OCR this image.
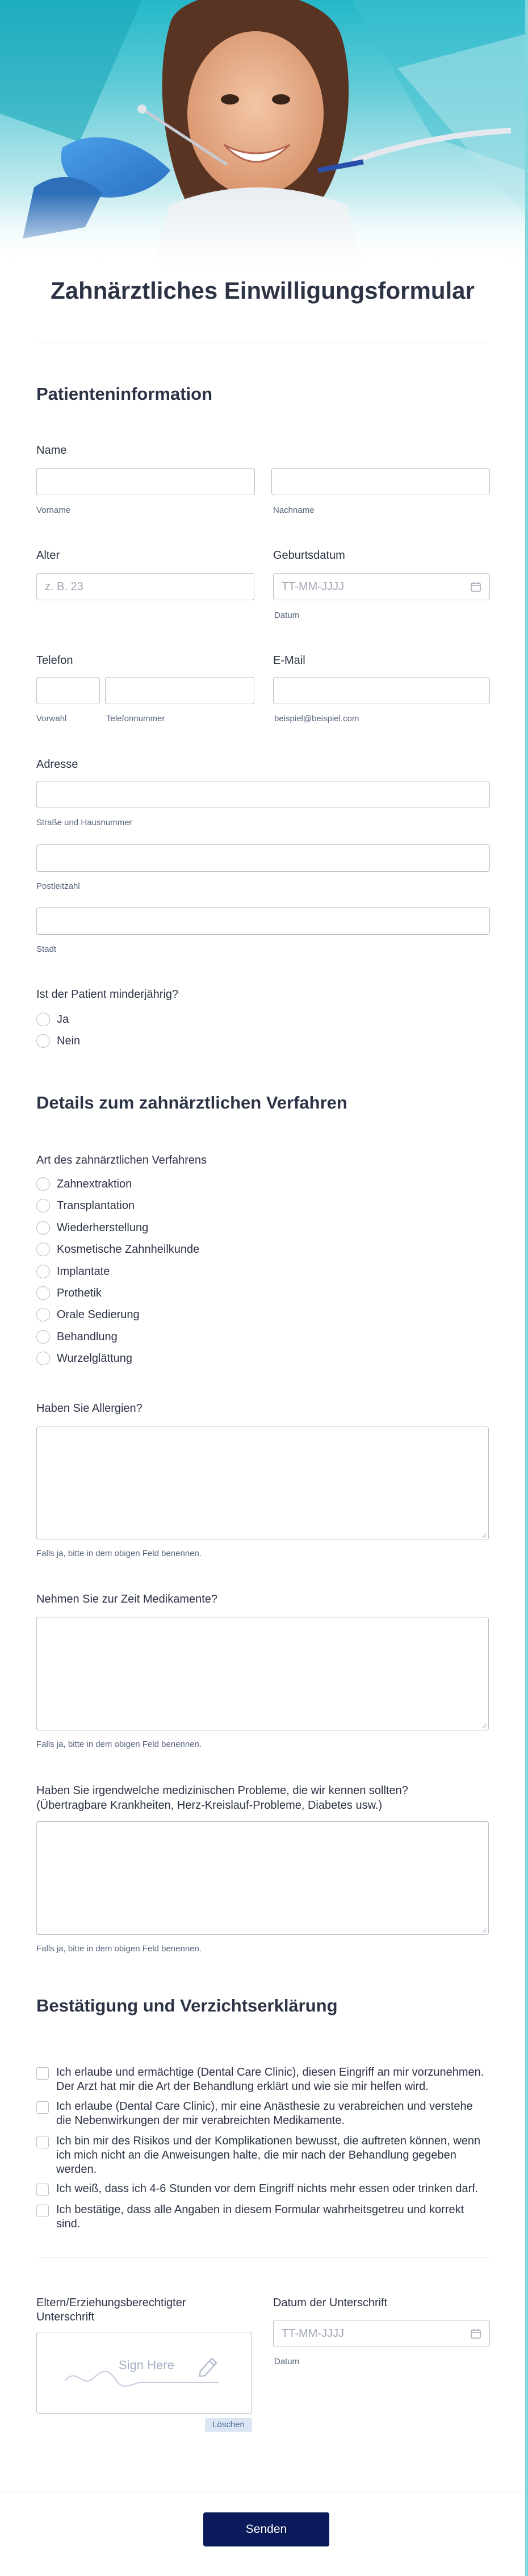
Zahnärztliches Einwilligungsformular
Patienteninformation
Name
Vorname	Nachname
Alter
z. B. 23
Geburtsdatum
TT-MM-JJJJ
Datum
Telefon
Vorwahl	Telefonnummer
E-Mail
beispiel@beispiel.com
Adresse
Straße und Hausnummer
Postleitzahl
Stadt
Ist der Patient minderjährig?
Ja
Nein
Details zum zahnärztlichen Verfahren
Art des zahnärztlichen Verfahrens
Zahnextraktion
Transplantation
Wiederherstellung
Kosmetische Zahnheilkunde
Implantate
Prothetik
Orale Sedierung
Behandlung
Wurzelglättung
Haben Sie Allergien?
Falls ja, bitte in dem obigen Feld benennen.
Nehmen Sie zur Zeit Medikamente?
Falls ja, bitte in dem obigen Feld benennen.
Haben Sie irgendwelche medizinischen Probleme, die wir kennen sollten?
(Übertragbare Krankheiten, Herz-Kreislauf-Probleme, Diabetes usw.)
Falls ja, bitte in dem obigen Feld benennen.
Bestätigung und Verzichtserklärung
Ich erlaube und ermächtige (Dental Care Clinic), diesen Eingriff an mir vorzunehmen. Der Arzt hat mir die Art der Behandlung erklärt und wie sie mir helfen wird.
Ich erlaube (Dental Care Clinic), mir eine Anästhesie zu verabreichen und verstehe die Nebenwirkungen der mir verabreichten Medikamente.
Ich bin mir des Risikos und der Komplikationen bewusst, die auftreten können, wenn ich mich nicht an die Anweisungen halte, die mir nach der Behandlung gegeben werden.
Ich weiß, dass ich 4-6 Stunden vor dem Eingriff nichts mehr essen oder trinken darf.
Ich bestätige, dass alle Angaben in diesem Formular wahrheitsgetreu und korrekt sind.
Eltern/Erziehungsberechtigter
Unterschrift
Sign Here
Löschen
Datum der Unterschrift
TT-MM-JJJJ
Datum
Senden
